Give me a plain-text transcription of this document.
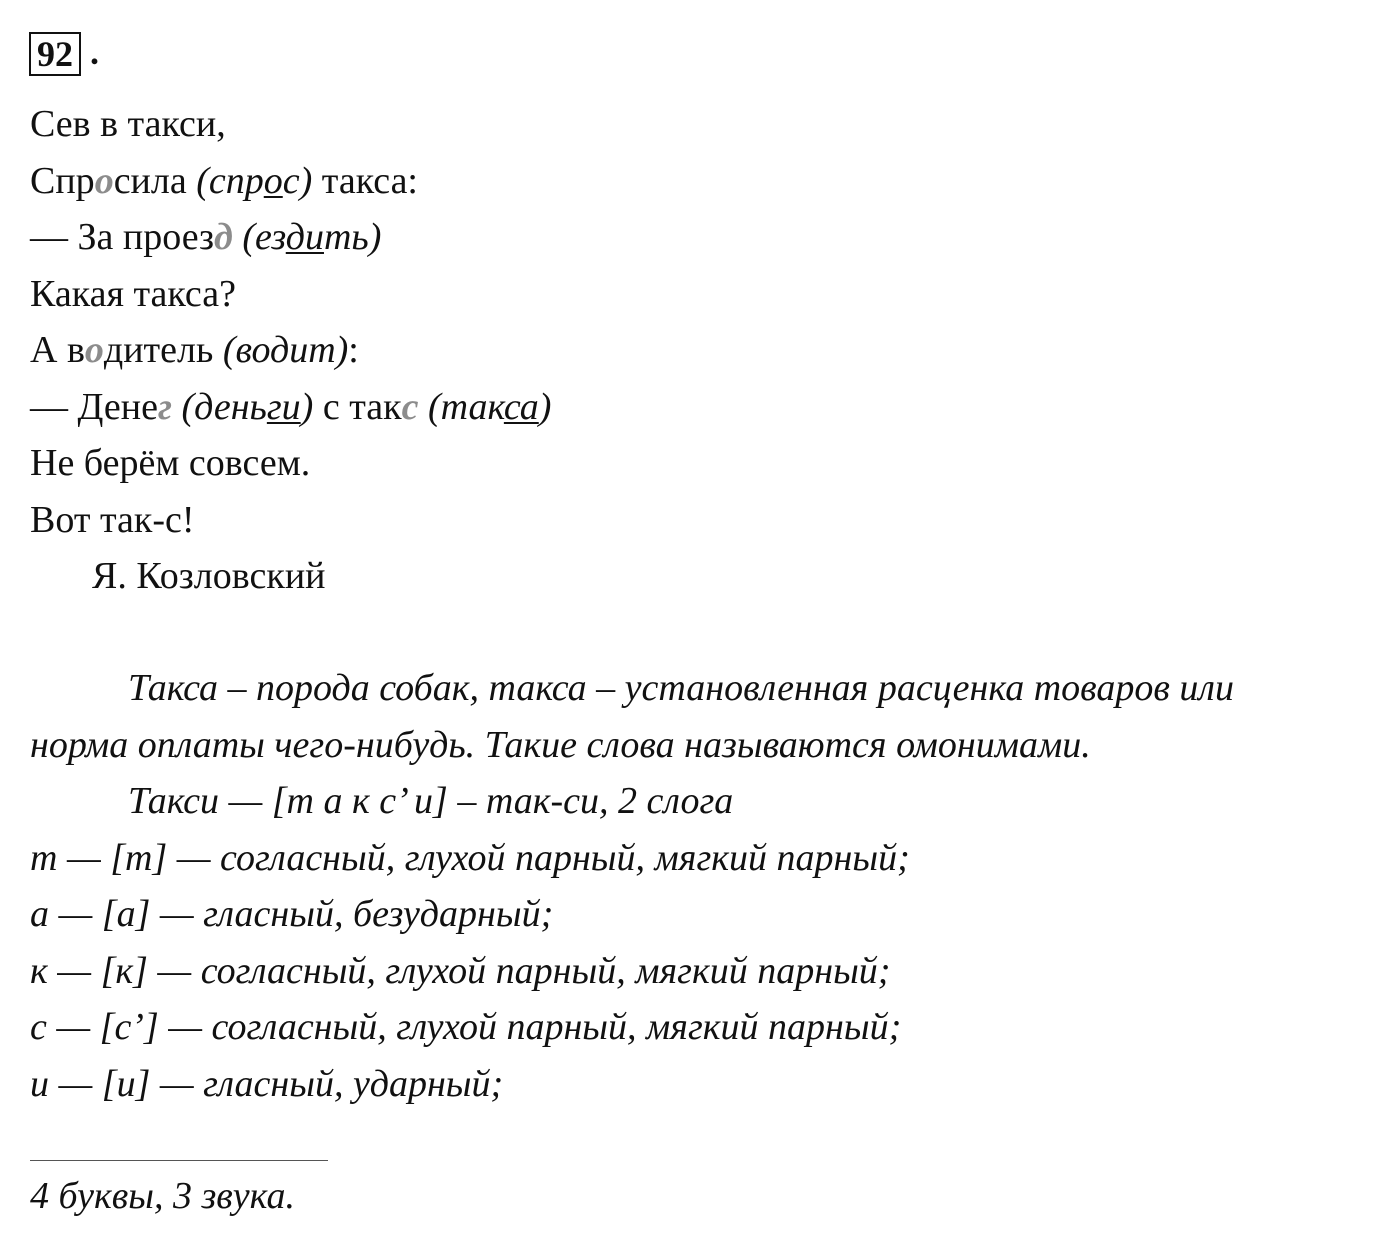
92 .
Сев в такси,
Спросила (спрос) такса:
— За проезд (ездить)
Какая такса?
А водитель (водит):
— Денег (деньги) с такс (такса)
Не берём совсем.
Вот так-с!
Я. Козловский
Такса – порода собак, такса – установленная расценка товаров или
норма оплаты чего-нибудь. Такие слова называются омонимами.
Такси — [т а к с’ и] – так-си, 2 слога
т — [т] — согласный, глухой парный, мягкий парный;
а — [а] — гласный, безударный;
к — [к] — согласный, глухой парный, мягкий парный;
с — [с’] — согласный, глухой парный, мягкий парный;
и — [и] — гласный, ударный;
4 буквы, 3 звука.
